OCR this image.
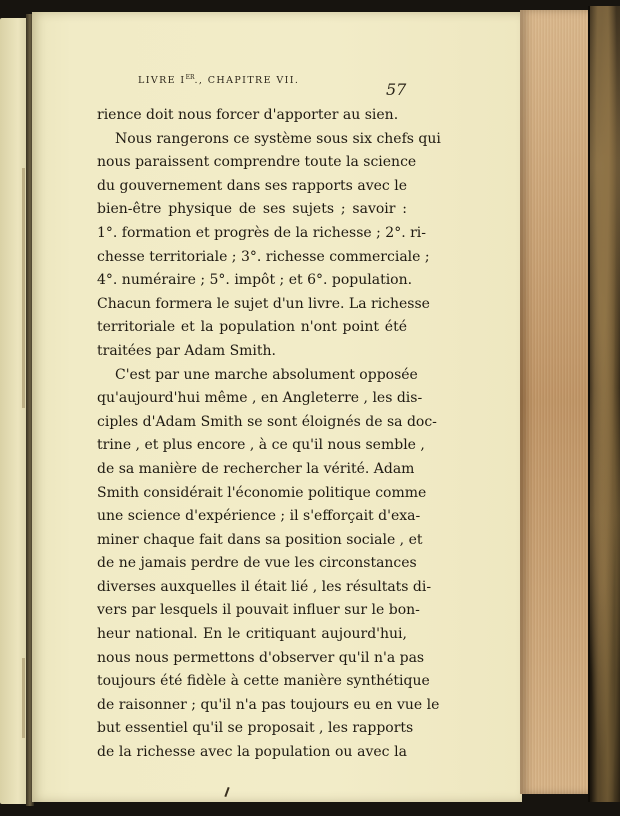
LIVRE IER., CHAPITRE VII.	57
rience doit nous forcer d'apporter au sien.
Nous rangerons ce système sous six chefs qui
nous paraissent comprendre toute la science
du gouvernement dans ses rapports avec le
bien-être physique de ses sujets ; savoir :
1°. formation et progrès de la richesse ; 2°. ri-
chesse territoriale ; 3°. richesse commerciale ;
4°. numéraire ; 5°. impôt ; et 6°. population.
Chacun formera le sujet d'un livre. La richesse
territoriale et la population n'ont point été
traitées par Adam Smith.
C'est par une marche absolument opposée
qu'aujourd'hui même , en Angleterre , les dis-
ciples d'Adam Smith se sont éloignés de sa doc-
trine , et plus encore , à ce qu'il nous semble ,
de sa manière de rechercher la vérité. Adam
Smith considérait l'économie politique comme
une science d'expérience ; il s'efforçait d'exa-
miner chaque fait dans sa position sociale , et
de ne jamais perdre de vue les circonstances
diverses auxquelles il était lié , les résultats di-
vers par lesquels il pouvait influer sur le bon-
heur national. En le critiquant aujourd'hui,
nous nous permettons d'observer qu'il n'a pas
toujours été fidèle à cette manière synthétique
de raisonner ; qu'il n'a pas toujours eu en vue le
but essentiel qu'il se proposait , les rapports
de la richesse avec la population ou avec la
